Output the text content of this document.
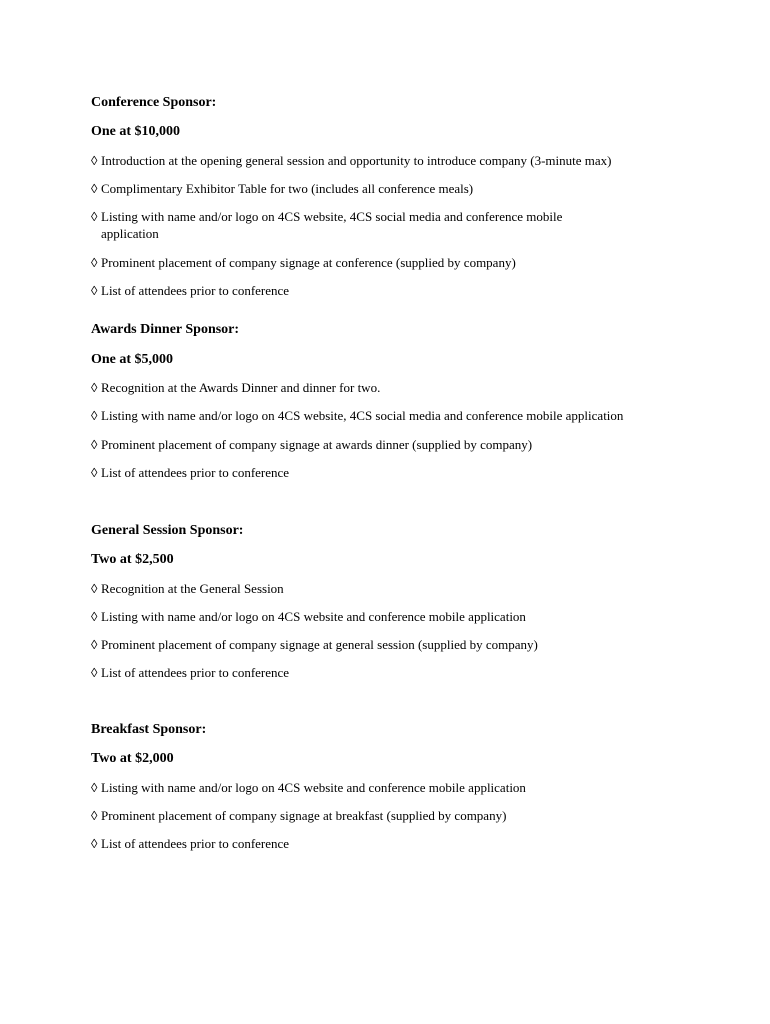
Conference Sponsor:
One at $10,000
◊ Introduction at the opening general session and opportunity to introduce company (3-minute max)
◊ Complimentary Exhibitor Table for two (includes all conference meals)
◊ Listing with name and/or logo on 4CS website, 4CS social media and conference mobile application
◊ Prominent placement of company signage at conference (supplied by company)
◊ List of attendees prior to conference
Awards Dinner Sponsor:
One at $5,000
◊ Recognition at the Awards Dinner and dinner for two.
◊ Listing with name and/or logo on 4CS website, 4CS social media and conference mobile application
◊ Prominent placement of company signage at awards dinner (supplied by company)
◊ List of attendees prior to conference
General Session Sponsor:
Two at $2,500
◊ Recognition at the General Session
◊ Listing with name and/or logo on 4CS website and conference mobile application
◊ Prominent placement of company signage at general session (supplied by company)
◊ List of attendees prior to conference
Breakfast Sponsor:
Two at $2,000
◊ Listing with name and/or logo on 4CS website and conference mobile application
◊ Prominent placement of company signage at breakfast (supplied by company)
◊ List of attendees prior to conference
